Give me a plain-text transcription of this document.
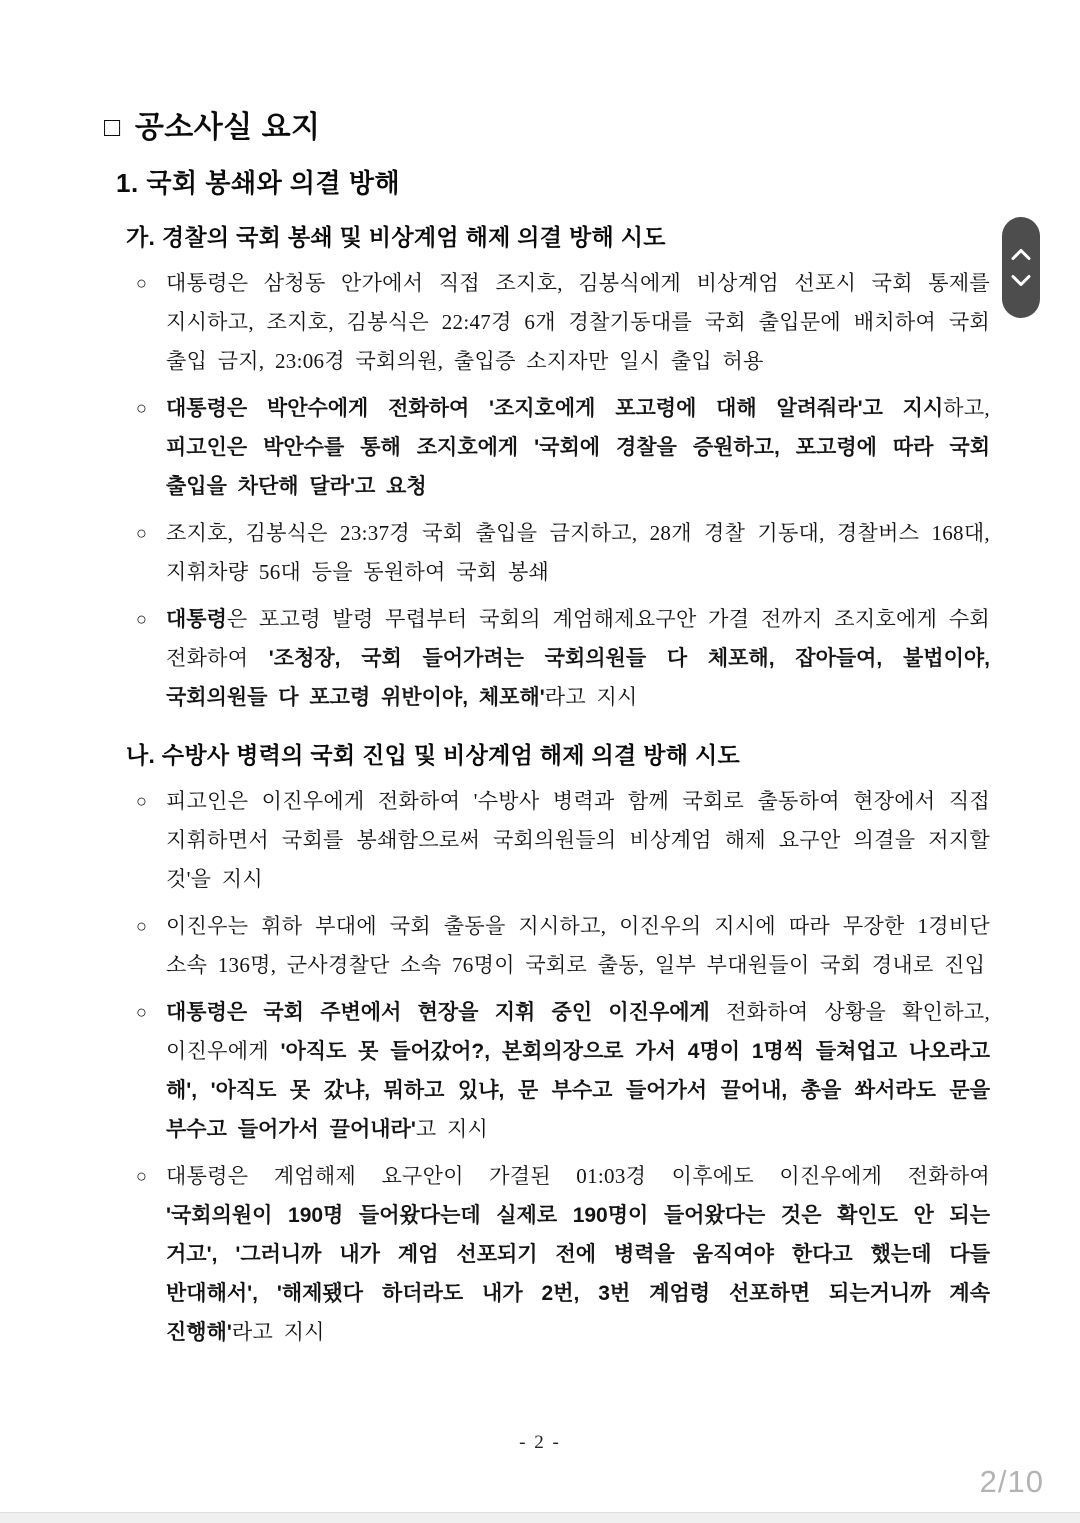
□ 공소사실 요지
1. 국회 봉쇄와 의결 방해
가. 경찰의 국회 봉쇄 및 비상계엄 해제 의결 방해 시도
○ 대통령은 삼청동 안가에서 직접 조지호, 김봉식에게 비상계엄 선포시 국회 통제를 지시하고, 조지호, 김봉식은 22:47경 6개 경찰기동대를 국회 출입문에 배치하여 국회 출입 금지, 23:06경 국회의원, 출입증 소지자만 일시 출입 허용

○ 대통령은 박안수에게 전화하여 '조지호에게 포고령에 대해 알려줘라'고 지시하고, 피고인은 박안수를 통해 조지호에게 '국회에 경찰을 증원하고, 포고령에 따라 국회 출입을 차단해 달라'고 요청

○ 조지호, 김봉식은 23:37경 국회 출입을 금지하고, 28개 경찰 기동대, 경찰버스 168대, 지휘차량 56대 등을 동원하여 국회 봉쇄

○ 대통령은 포고령 발령 무렵부터 국회의 계엄해제요구안 가결 전까지 조지호에게 수회 전화하여 '조청장, 국회 들어가려는 국회의원들 다 체포해, 잡아들여, 불법이야, 국회의원들 다 포고령 위반이야, 체포해'라고 지시

나. 수방사 병력의 국회 진입 및 비상계엄 해제 의결 방해 시도
○ 피고인은 이진우에게 전화하여 '수방사 병력과 함께 국회로 출동하여 현장에서 직접 지휘하면서 국회를 봉쇄함으로써 국회의원들의 비상계엄 해제 요구안 의결을 저지할 것'을 지시

○ 이진우는 휘하 부대에 국회 출동을 지시하고, 이진우의 지시에 따라 무장한 1경비단 소속 136명, 군사경찰단 소속 76명이 국회로 출동, 일부 부대원들이 국회 경내로 진입

○ 대통령은 국회 주변에서 현장을 지휘 중인 이진우에게 전화하여 상황을 확인하고, 이진우에게 '아직도 못 들어갔어?, 본회의장으로 가서 4명이 1명씩 들쳐업고 나오라고 해', '아직도 못 갔냐, 뭐하고 있냐, 문 부수고 들어가서 끌어내, 총을 쏴서라도 문을 부수고 들어가서 끌어내라'고 지시

○ 대통령은 계엄해제 요구안이 가결된 01:03경 이후에도 이진우에게 전화하여 '국회의원이 190명 들어왔다는데 실제로 190명이 들어왔다는 것은 확인도 안 되는 거고', '그러니까 내가 계엄 선포되기 전에 병력을 움직여야 한다고 했는데 다들 반대해서', '해제됐다 하더라도 내가 2번, 3번 계엄령 선포하면 되는거니까 계속 진행해'라고 지시

- 2 -
2/10
